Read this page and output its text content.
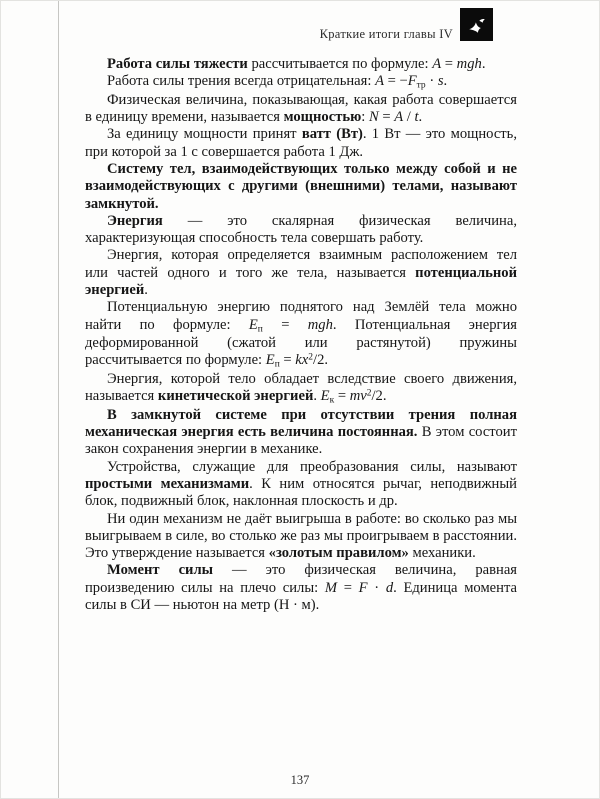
Краткие итоги главы IV

Работа силы тяжести рассчитывается по формуле: A = mgh.

Работа силы трения всегда отрицательная: $A = -F_{тр} \cdot s$.

Физическая величина, показывающая, какая работа совершается в единицу времени, называется мощностью: N = A / t.

За единицу мощности принят ватт (Вт). 1 Вт — это мощность, при которой за 1 с совершается работа 1 Дж.

Систему тел, взаимодействующих только между собой и не взаимодействующих с другими (внешними) телами, называют замкнутой.

Энергия — это скалярная физическая величина, характеризующая способность тела совершать работу.

Энергия, которая определяется взаимным расположением тел или частей одного и того же тела, называется потенциальной энергией.

Потенциальную энергию поднятого над Землёй тела можно найти по формуле: $E_п$ = mgh. Потенциальная энергия деформированной (сжатой или растянутой) пружины рассчитывается по формуле: $E_п = kx^2/2$.

Энергия, которой тело обладает вследствие своего движения, называется кинетической энергией. $E_к = mv^2/2$.

В замкнутой системе при отсутствии трения полная механическая энергия есть величина постоянная. В этом состоит закон сохранения энергии в механике.

Устройства, служащие для преобразования силы, называют простыми механизмами. К ним относятся рычаг, неподвижный блок, подвижный блок, наклонная плоскость и др.

Ни один механизм не даёт выигрыша в работе: во сколько раз мы выигрываем в силе, во столько же раз мы проигрываем в расстоянии. Это утверждение называется «золотым правилом» механики.

Момент силы — это физическая величина, равная произведению силы на плечо силы: M = F · d. Единица момента силы в СИ — ньютон на метр (Н · м).

137
